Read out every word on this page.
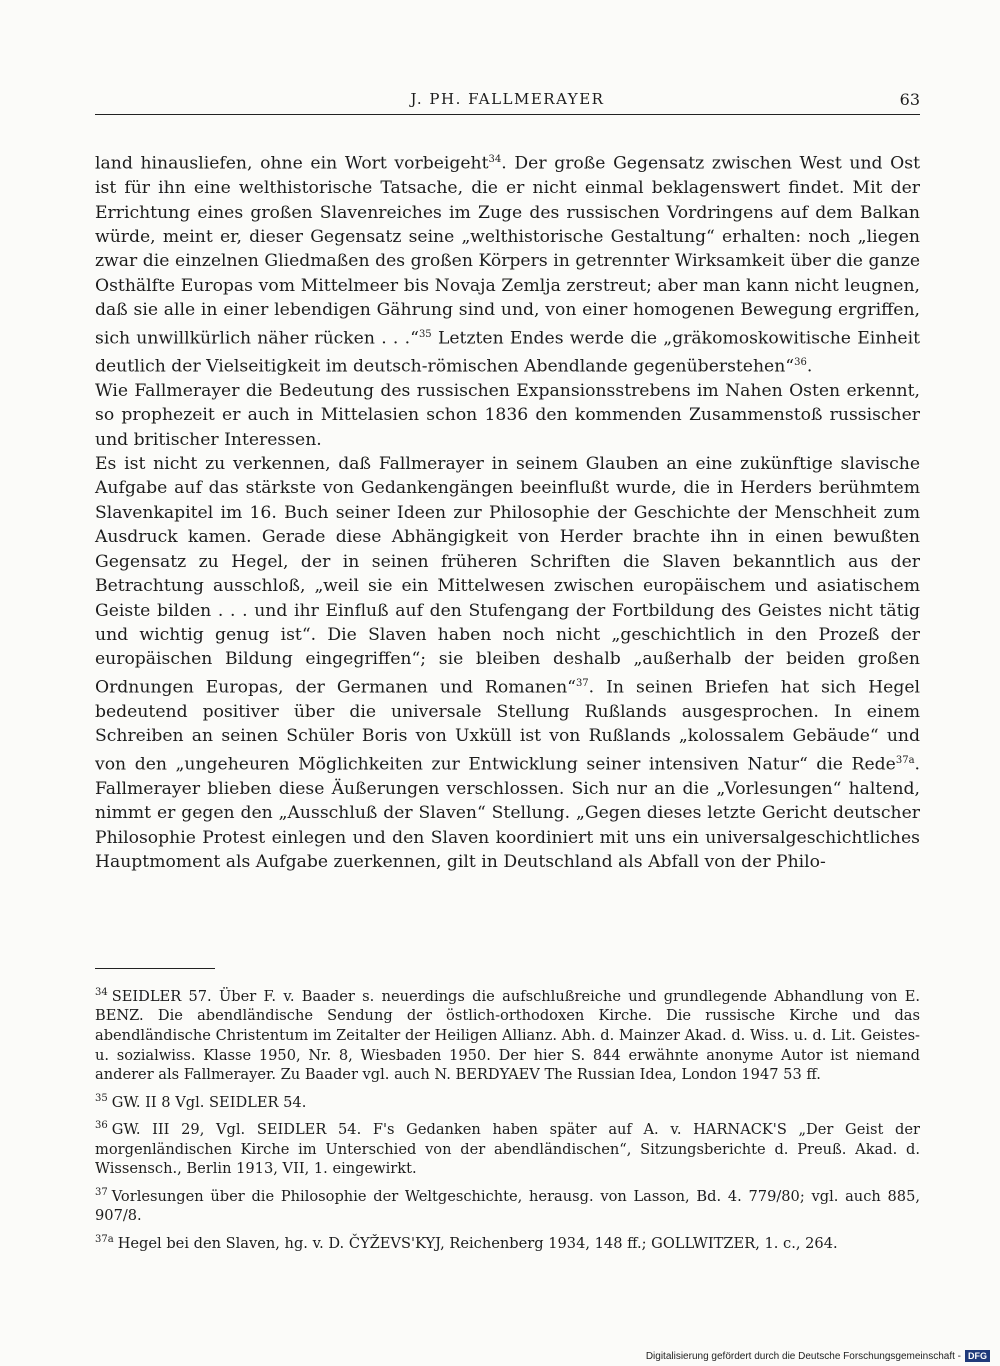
J. PH. FALLMERAYER	63

land hinausliefen, ohne ein Wort vorbeigeht$^{34}$. Der große Gegensatz zwischen West und Ost ist für ihn eine welthistorische Tatsache, die er nicht einmal beklagenswert findet. Mit der Errichtung eines großen Slavenreiches im Zuge des russischen Vordringens auf dem Balkan würde, meint er, dieser Gegensatz seine „welthistorische Gestaltung“ erhalten: noch „liegen zwar die einzelnen Gliedmaßen des großen Körpers in getrennter Wirksamkeit über die ganze Osthälfte Europas vom Mittelmeer bis Novaja Zemlja zerstreut; aber man kann nicht leugnen, daß sie alle in einer lebendigen Gährung sind und, von einer homogenen Bewegung ergriffen, sich unwillkürlich näher rücken . . .“$^{35}$ Letzten Endes werde die „gräkomoskowitische Einheit deutlich der Vielseitigkeit im deutsch-römischen Abendlande gegenüberstehen“$^{36}$.

Wie Fallmerayer die Bedeutung des russischen Expansionsstrebens im Nahen Osten erkennt, so prophezeit er auch in Mittelasien schon 1836 den kommenden Zusammenstoß russischer und britischer Interessen.

Es ist nicht zu verkennen, daß Fallmerayer in seinem Glauben an eine zukünftige slavische Aufgabe auf das stärkste von Gedankengängen beeinflußt wurde, die in Herders berühmtem Slavenkapitel im 16. Buch seiner Ideen zur Philosophie der Geschichte der Menschheit zum Ausdruck kamen. Gerade diese Abhängigkeit von Herder brachte ihn in einen bewußten Gegensatz zu Hegel, der in seinen früheren Schriften die Slaven bekanntlich aus der Betrachtung ausschloß, „weil sie ein Mittelwesen zwischen europäischem und asiatischem Geiste bilden . . . und ihr Einfluß auf den Stufengang der Fortbildung des Geistes nicht tätig und wichtig genug ist“. Die Slaven haben noch nicht „geschichtlich in den Prozeß der europäischen Bildung eingegriffen“; sie bleiben deshalb „außerhalb der beiden großen Ordnungen Europas, der Germanen und Romanen“$^{37}$. In seinen Briefen hat sich Hegel bedeutend positiver über die universale Stellung Rußlands ausgesprochen. In einem Schreiben an seinen Schüler Boris von Uxküll ist von Rußlands „kolossalem Gebäude“ und von den „ungeheuren Möglichkeiten zur Entwicklung seiner intensiven Natur“ die Rede$^{37a}$. Fallmerayer blieben diese Äußerungen verschlossen. Sich nur an die „Vorlesungen“ haltend, nimmt er gegen den „Ausschluß der Slaven“ Stellung. „Gegen dieses letzte Gericht deutscher Philosophie Protest einlegen und den Slaven koordiniert mit uns ein universalgeschichtliches Hauptmoment als Aufgabe zuerkennen, gilt in Deutschland als Abfall von der Philo-

$^{34}$ SEIDLER 57. Über F. v. Baader s. neuerdings die aufschlußreiche und grundlegende Abhandlung von E. BENZ. Die abendländische Sendung der östlich-orthodoxen Kirche. Die russische Kirche und das abendländische Christentum im Zeitalter der Heiligen Allianz. Abh. d. Mainzer Akad. d. Wiss. u. d. Lit. Geistes- u. sozialwiss. Klasse 1950, Nr. 8, Wiesbaden 1950. Der hier S. 844 erwähnte anonyme Autor ist niemand anderer als Fallmerayer. Zu Baader vgl. auch N. BERDYAEV The Russian Idea, London 1947 53 ff.

$^{35}$ GW. II 8 Vgl. SEIDLER 54.

$^{36}$ GW. III 29, Vgl. SEIDLER 54. F's Gedanken haben später auf A. v. HARNACK'S „Der Geist der morgenländischen Kirche im Unterschied von der abendländischen“, Sitzungsberichte d. Preuß. Akad. d. Wissensch., Berlin 1913, VII, 1. eingewirkt.

$^{37}$ Vorlesungen über die Philosophie der Weltgeschichte, herausg. von Lasson, Bd. 4. 779/80; vgl. auch 885, 907/8.

$^{37a}$ Hegel bei den Slaven, hg. v. D. ČYŽEVS'KYJ, Reichenberg 1934, 148 ff.; GOLLWITZER, 1. c., 264.

Digitalisierung gefördert durch die Deutsche Forschungsgemeinschaft - DFG
